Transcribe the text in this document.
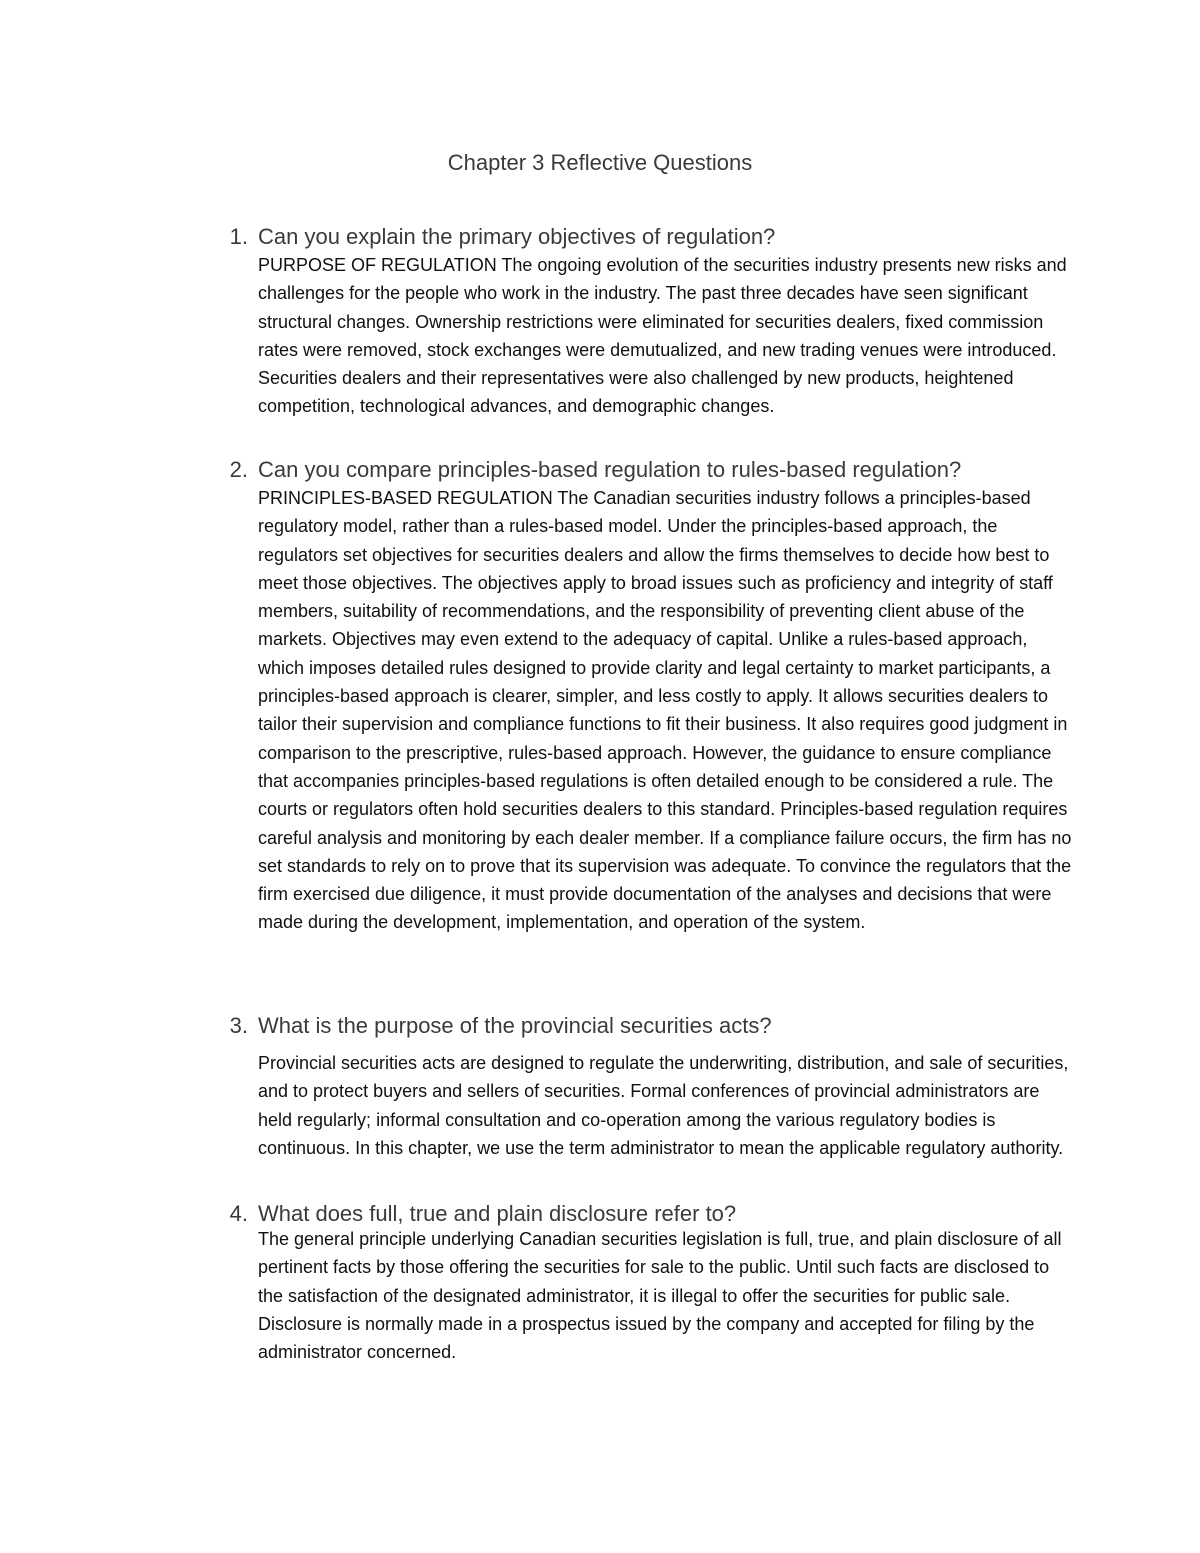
Chapter 3 Reflective Questions
1. Can you explain the primary objectives of regulation?

PURPOSE OF REGULATION The ongoing evolution of the securities industry presents new risks and challenges for the people who work in the industry. The past three decades have seen significant structural changes. Ownership restrictions were eliminated for securities dealers, fixed commission rates were removed, stock exchanges were demutualized, and new trading venues were introduced. Securities dealers and their representatives were also challenged by new products, heightened competition, technological advances, and demographic changes.

2. Can you compare principles-based regulation to rules-based regulation?

PRINCIPLES-BASED REGULATION The Canadian securities industry follows a principles-based regulatory model, rather than a rules-based model. Under the principles-based approach, the regulators set objectives for securities dealers and allow the firms themselves to decide how best to meet those objectives. The objectives apply to broad issues such as proficiency and integrity of staff members, suitability of recommendations, and the responsibility of preventing client abuse of the markets. Objectives may even extend to the adequacy of capital. Unlike a rules-based approach, which imposes detailed rules designed to provide clarity and legal certainty to market participants, a principles-based approach is clearer, simpler, and less costly to apply. It allows securities dealers to tailor their supervision and compliance functions to fit their business. It also requires good judgment in comparison to the prescriptive, rules-based approach. However, the guidance to ensure compliance that accompanies principles-based regulations is often detailed enough to be considered a rule. The courts or regulators often hold securities dealers to this standard. Principles-based regulation requires careful analysis and monitoring by each dealer member. If a compliance failure occurs, the firm has no set standards to rely on to prove that its supervision was adequate. To convince the regulators that the firm exercised due diligence, it must provide documentation of the analyses and decisions that were made during the development, implementation, and operation of the system.

3. What is the purpose of the provincial securities acts?

Provincial securities acts are designed to regulate the underwriting, distribution, and sale of securities, and to protect buyers and sellers of securities. Formal conferences of provincial administrators are held regularly; informal consultation and co-operation among the various regulatory bodies is continuous. In this chapter, we use the term administrator to mean the applicable regulatory authority.

4. What does full, true and plain disclosure refer to?

The general principle underlying Canadian securities legislation is full, true, and plain disclosure of all pertinent facts by those offering the securities for sale to the public. Until such facts are disclosed to the satisfaction of the designated administrator, it is illegal to offer the securities for public sale. Disclosure is normally made in a prospectus issued by the company and accepted for filing by the administrator concerned.
